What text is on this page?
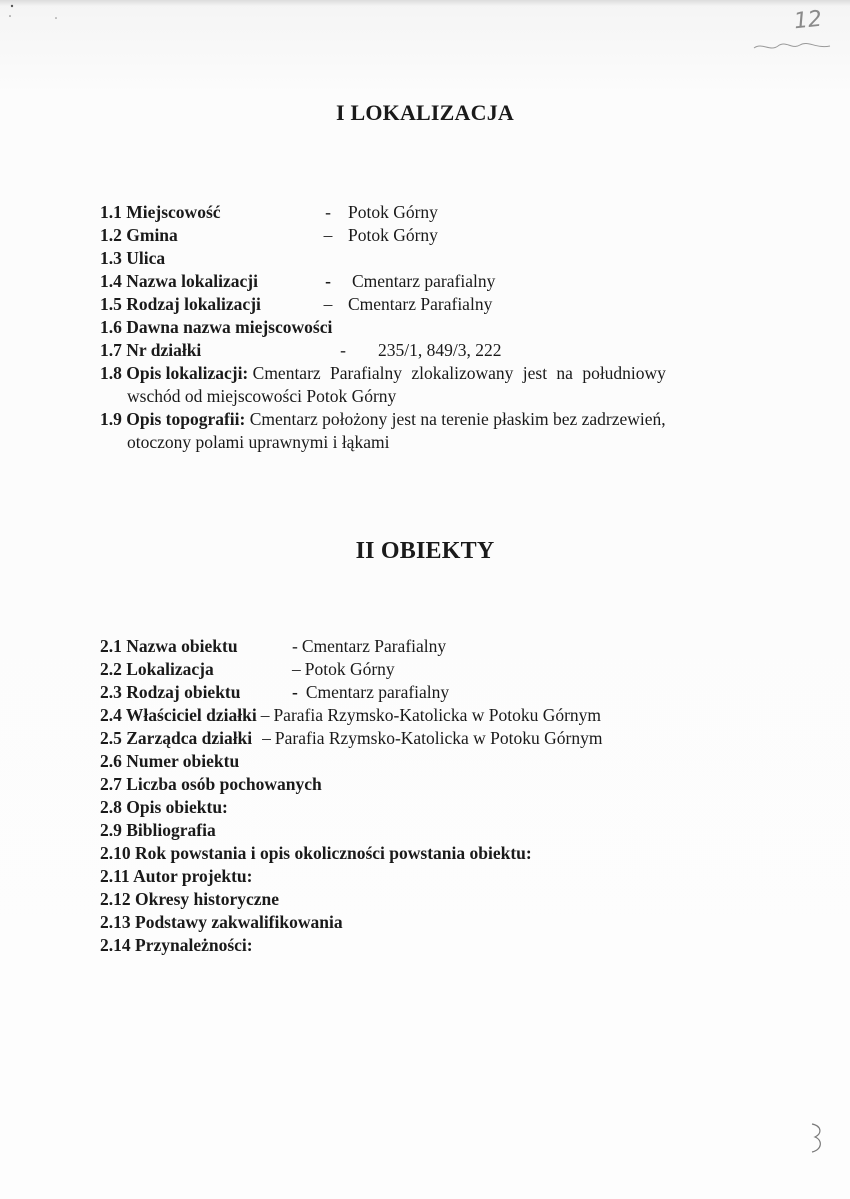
12
I LOKALIZACJA
1.1 Miejscowość	- Potok Górny
1.2 Gmina	– Potok Górny
1.3 Ulica
1.4 Nazwa lokalizacji	-	Cmentarz parafialny
1.5 Rodzaj lokalizacji	– Cmentarz Parafialny
1.6 Dawna nazwa miejscowości
1.7 Nr działki	-	235/1, 849/3, 222
1.8 Opis lokalizacji: Cmentarz Parafialny zlokalizowany jest na południowy
wschód od miejscowości Potok Górny
1.9 Opis topografii: Cmentarz położony jest na terenie płaskim bez zadrzewień,
otoczony polami uprawnymi i łąkami
II OBIEKTY
2.1 Nazwa obiektu	- Cmentarz Parafialny
2.2 Lokalizacja	– Potok Górny
2.3 Rodzaj obiektu	- Cmentarz parafialny
2.4 Właściciel działki – Parafia Rzymsko-Katolicka w Potoku Górnym
2.5 Zarządca działki – Parafia Rzymsko-Katolicka w Potoku Górnym
2.6 Numer obiektu
2.7 Liczba osób pochowanych
2.8 Opis obiektu:
2.9 Bibliografia
2.10 Rok powstania i opis okoliczności powstania obiektu:
2.11 Autor projektu:
2.12 Okresy historyczne
2.13 Podstawy zakwalifikowania
2.14 Przynależności:
